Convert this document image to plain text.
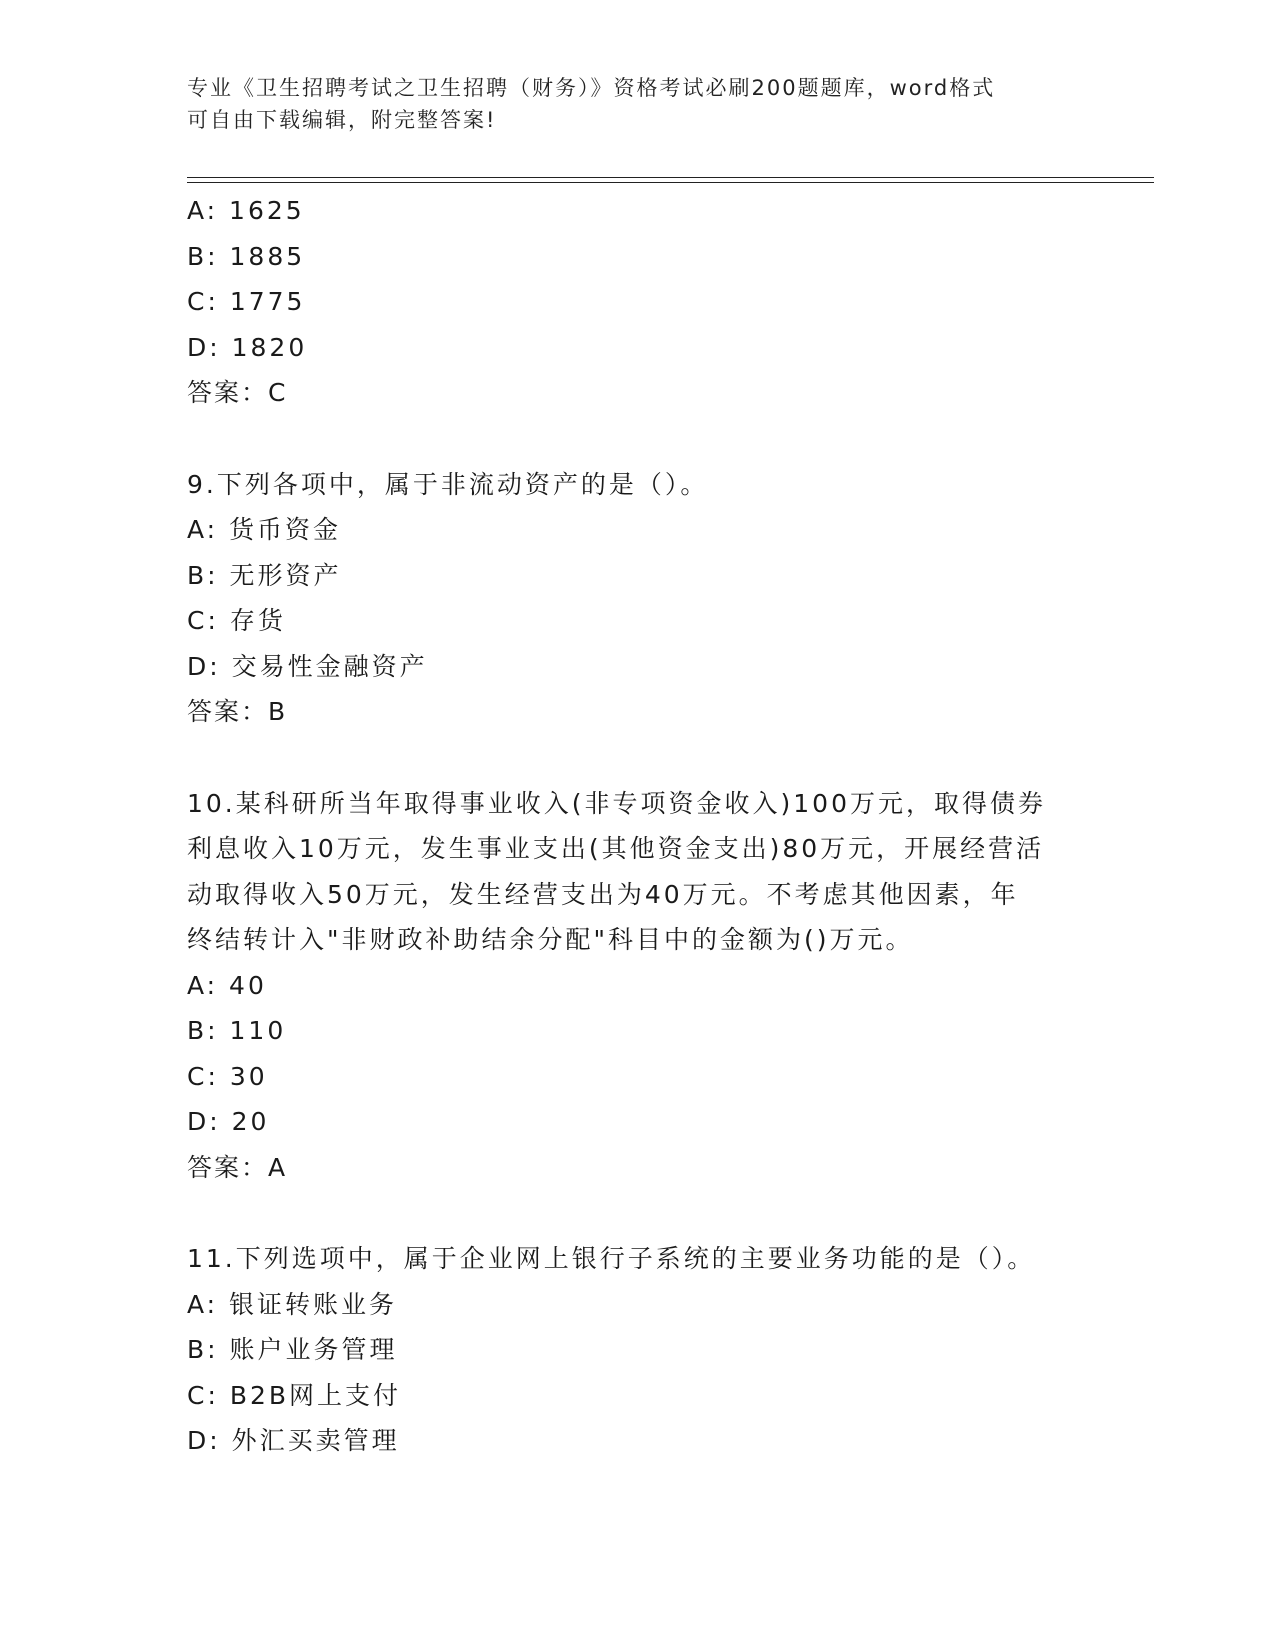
专业《卫生招聘考试之卫生招聘（财务）》资格考试必刷200题题库，word格式
可自由下载编辑，附完整答案!
A: 1625
B: 1885
C: 1775
D: 1820
答案：C
9.下列各项中，属于非流动资产的是（）。
A: 货币资金
B: 无形资产
C: 存货
D: 交易性金融资产
答案：B
10.某科研所当年取得事业收入(非专项资金收入)100万元，取得债券
利息收入10万元，发生事业支出(其他资金支出)80万元，开展经营活
动取得收入50万元，发生经营支出为40万元。不考虑其他因素，年
终结转计入"非财政补助结余分配"科目中的金额为()万元。
A: 40
B: 110
C: 30
D: 20
答案：A
11.下列选项中，属于企业网上银行子系统的主要业务功能的是（）。
A: 银证转账业务
B: 账户业务管理
C: B2B网上支付
D: 外汇买卖管理
